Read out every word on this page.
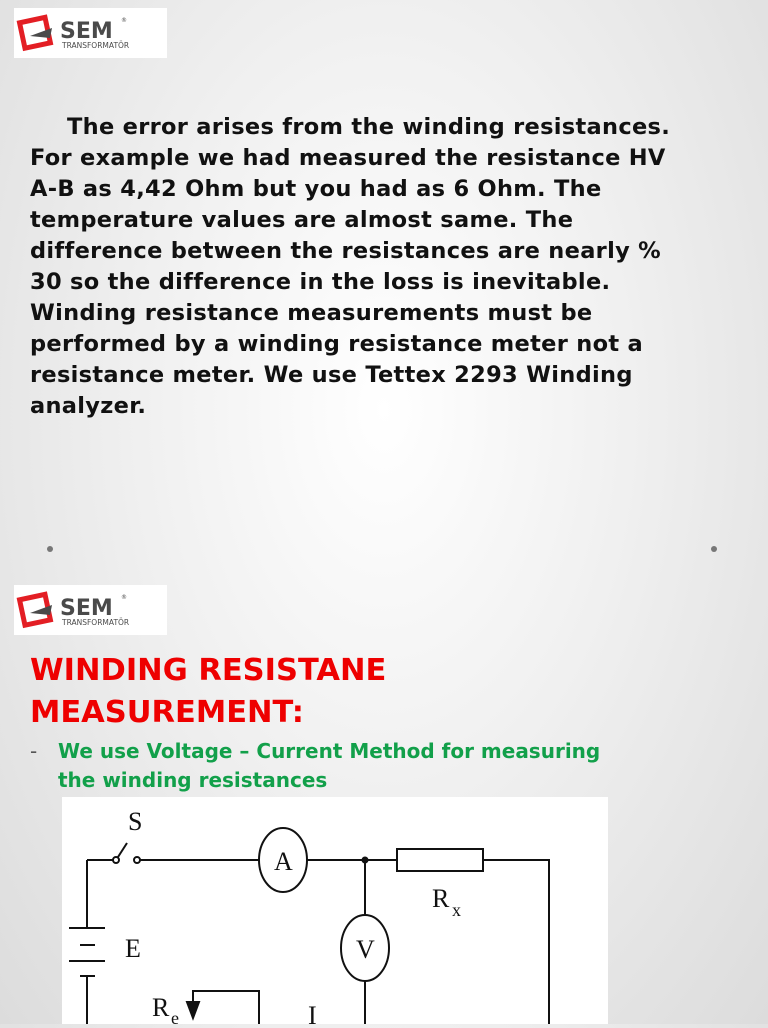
SEM ®
TRANSFORMATÖR
The error arises from the winding resistances.
For example we had measured the resistance HV
A-B as 4,42 Ohm but you had as 6 Ohm. The
temperature values are almost same. The
difference between the resistances are nearly %
30 so the difference in the loss is inevitable.
Winding resistance measurements must be
performed by a winding resistance meter not a
resistance meter. We use Tettex 2293 Winding
analyzer.
SEM ®
TRANSFORMATÖR
WINDING RESISTANE
MEASUREMENT:
- We use Voltage – Current Method for measuring
the winding resistances
S
A
V
E
R x
R e	I
